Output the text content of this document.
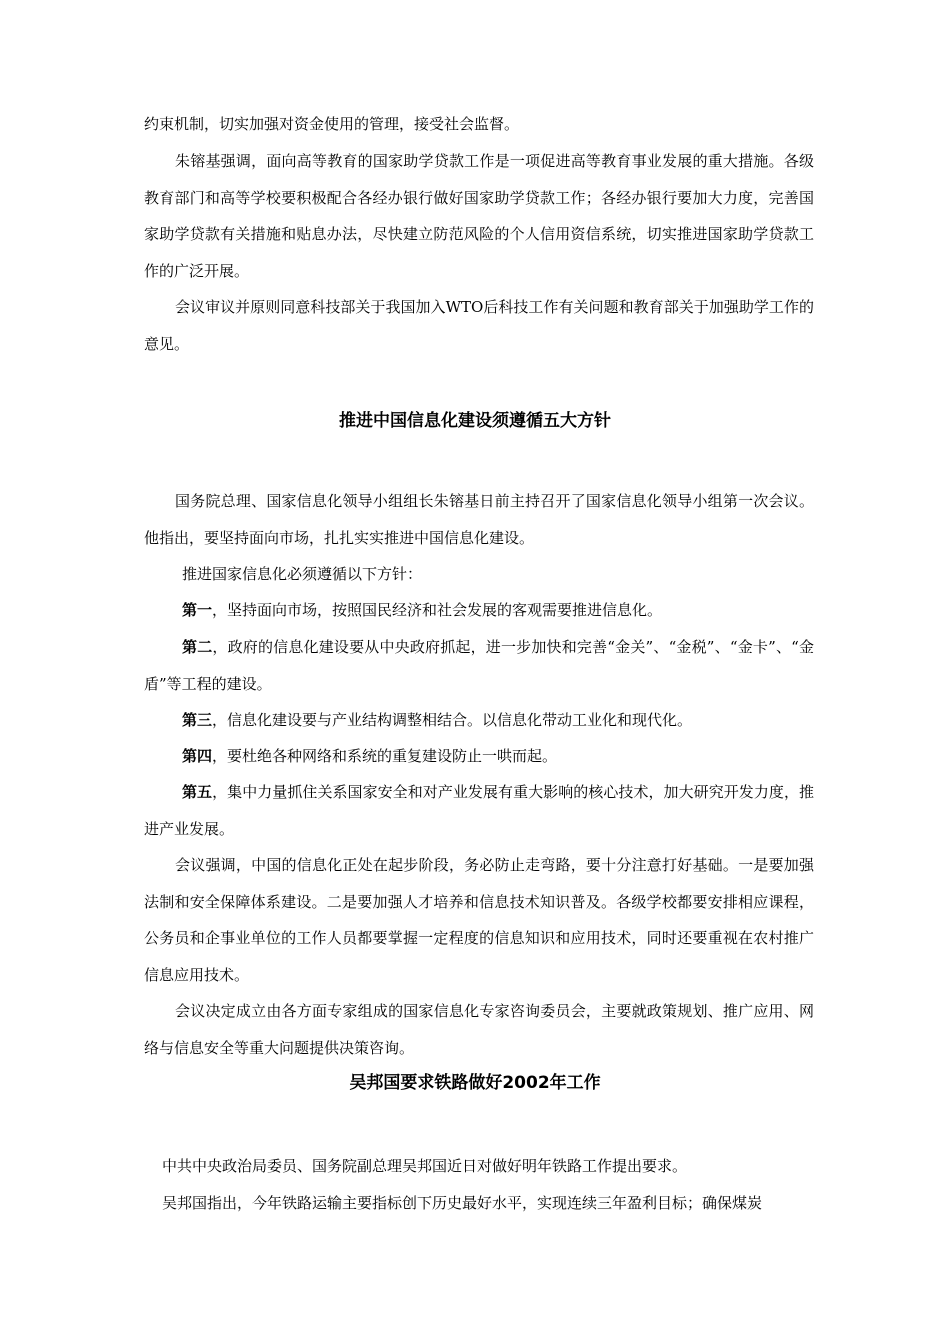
约束机制，切实加强对资金使用的管理，接受社会监督。

朱镕基强调，面向高等教育的国家助学贷款工作是一项促进高等教育事业发展的重大措施。各级教育部门和高等学校要积极配合各经办银行做好国家助学贷款工作；各经办银行要加大力度，完善国家助学贷款有关措施和贴息办法，尽快建立防范风险的个人信用资信系统，切实推进国家助学贷款工作的广泛开展。

会议审议并原则同意科技部关于我国加入WTO后科技工作有关问题和教育部关于加强助学工作的意见。

推进中国信息化建设须遵循五大方针

国务院总理、国家信息化领导小组组长朱镕基日前主持召开了国家信息化领导小组第一次会议。他指出，要坚持面向市场，扎扎实实推进中国信息化建设。

推进国家信息化必须遵循以下方针：

第一，坚持面向市场，按照国民经济和社会发展的客观需要推进信息化。

第二，政府的信息化建设要从中央政府抓起，进一步加快和完善“金关”、“金税”、“金卡”、“金盾”等工程的建设。

第三，信息化建设要与产业结构调整相结合。以信息化带动工业化和现代化。

第四，要杜绝各种网络和系统的重复建设防止一哄而起。

第五，集中力量抓住关系国家安全和对产业发展有重大影响的核心技术，加大研究开发力度，推进产业发展。

会议强调，中国的信息化正处在起步阶段，务必防止走弯路，要十分注意打好基础。一是要加强法制和安全保障体系建设。二是要加强人才培养和信息技术知识普及。各级学校都要安排相应课程，公务员和企事业单位的工作人员都要掌握一定程度的信息知识和应用技术，同时还要重视在农村推广信息应用技术。

会议决定成立由各方面专家组成的国家信息化专家咨询委员会，主要就政策规划、推广应用、网络与信息安全等重大问题提供决策咨询。

吴邦国要求铁路做好2002年工作

中共中央政治局委员、国务院副总理吴邦国近日对做好明年铁路工作提出要求。

吴邦国指出，今年铁路运输主要指标创下历史最好水平，实现连续三年盈利目标；确保煤炭
